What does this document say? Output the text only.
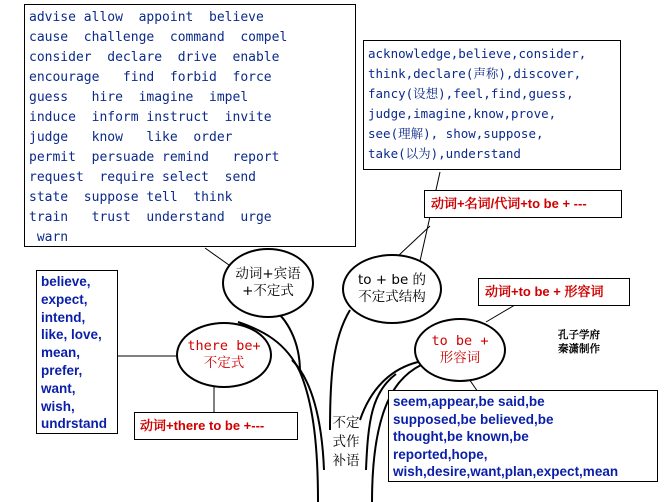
advise allow  appoint  believe
cause  challenge  command  compel
consider  declare  drive  enable
encourage   find  forbid  force
guess   hire  imagine  impel
induce  inform instruct  invite
judge   know   like  order
permit  persuade remind   report
request  require select  send
state  suppose tell  think
train   trust  understand  urge
warn
acknowledge,believe,consider,
think,declare(声称),discover,
fancy(设想),feel,find,guess,
judge,imagine,know,prove,
see(理解), show,suppose,
take(以为),understand
动词+名词/代词+to be + ---
动词+to be + 形容词
believe,
expect,
intend,
like, love,
mean,
prefer,
want,
wish,
undrstand	动词+there to be +---
seem,appear,be said,be
supposed,be believed,be
thought,be known,be
reported,hope,
wish,desire,want,plan,expect,mean
动词+宾语
+不定式
to + be 的
不定式结构
there be+
不定式
to be +
形容词
不定
式作
补语
孔子学府
秦潇制作
